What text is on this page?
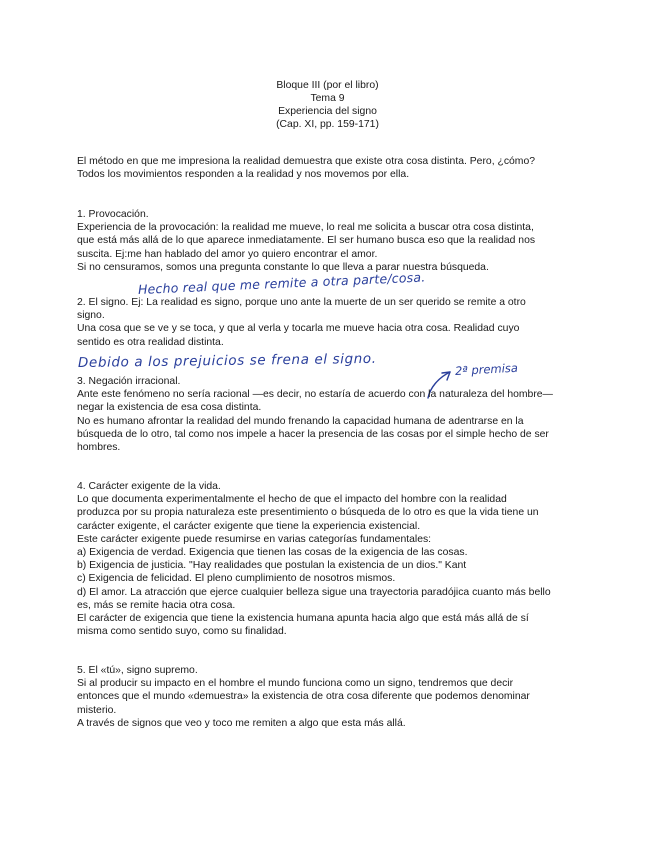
Bloque III (por el libro)
Tema 9
Experiencia del signo
(Cap. XI, pp. 159-171)

El método en que me impresiona la realidad demuestra que existe otra cosa distinta. Pero, ¿cómo?

Todos los movimientos responden a la realidad y nos movemos por ella.

1. Provocación.

Experiencia de la provocación: la realidad me mueve, lo real me solicita a buscar otra cosa distinta,

que está más allá de lo que aparece inmediatamente. El ser humano busca eso que la realidad nos

suscita. Ej:me han hablado del amor yo quiero encontrar el amor.

Si no censuramos, somos una pregunta constante lo que lleva a parar nuestra búsqueda.

Hecho real que me remite a otra parte/cosa.

2. El signo. Ej: La realidad es signo, porque uno ante la muerte de un ser querido se remite a otro

signo.

Una cosa que se ve y se toca, y que al verla y tocarla me mueve hacia otra cosa. Realidad cuyo

sentido es otra realidad distinta.

Debido a los prejuicios se frena el signo.	2ª premisa

3. Negación irracional.

Ante este fenómeno no sería racional —es decir, no estaría de acuerdo con la naturaleza del hombre—

negar la existencia de esa cosa distinta.

No es humano afrontar la realidad del mundo frenando la capacidad humana de adentrarse en la

búsqueda de lo otro, tal como nos impele a hacer la presencia de las cosas por el simple hecho de ser

hombres.

4. Carácter exigente de la vida.

Lo que documenta experimentalmente el hecho de que el impacto del hombre con la realidad

produzca por su propia naturaleza este presentimiento o búsqueda de lo otro es que la vida tiene un

carácter exigente, el carácter exigente que tiene la experiencia existencial.

Este carácter exigente puede resumirse en varias categorías fundamentales:

a) Exigencia de verdad. Exigencia que tienen las cosas de la exigencia de las cosas.

b) Exigencia de justicia. "Hay realidades que postulan la existencia de un dios." Kant

c) Exigencia de felicidad. El pleno cumplimiento de nosotros mismos.

d) El amor. La atracción que ejerce cualquier belleza sigue una trayectoria paradójica cuanto más bello

es, más se remite hacia otra cosa.

El carácter de exigencia que tiene la existencia humana apunta hacia algo que está más allá de sí

misma como sentido suyo, como su finalidad.

5. El «tú», signo supremo.

Si al producir su impacto en el hombre el mundo funciona como un signo, tendremos que decir

entonces que el mundo «demuestra» la existencia de otra cosa diferente que podemos denominar

misterio.

A través de signos que veo y toco me remiten a algo que esta más allá.
